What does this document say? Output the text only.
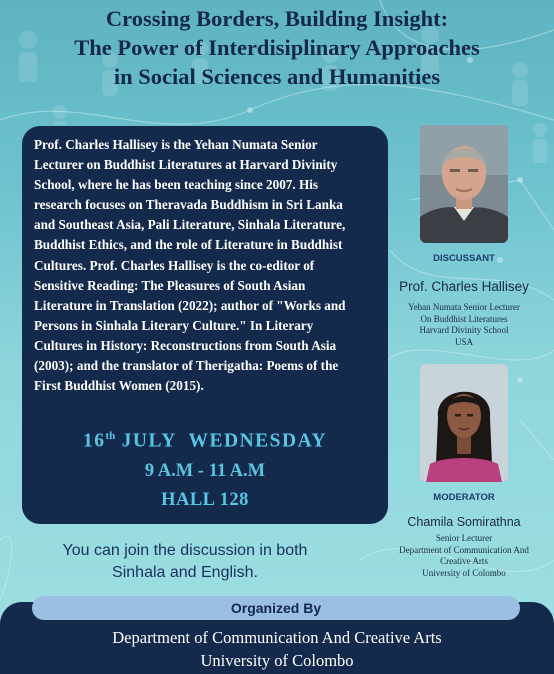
Crossing Borders, Building Insight:
The Power of Interdisiplinary Approaches
in Social Sciences and Humanities

Prof. Charles Hallisey is the Yehan Numata Senior
Lecturer on Buddhist Literatures at Harvard Divinity
School, where he has been teaching since 2007. His
research focuses on Theravada Buddhism in Sri Lanka
and Southeast Asia, Pali Literature, Sinhala Literature,
Buddhist Ethics, and the role of Literature in Buddhist
Cultures. Prof. Charles Hallisey is the co-editor of
Sensitive Reading: The Pleasures of South Asian
Literature in Translation (2022); author of "Works and
Persons in Sinhala Literary Culture." In Literary
Cultures in History: Reconstructions from South Asia
(2003); and the translator of Therigatha: Poems of the
First Buddhist Women (2015).

16th JULY  WEDNESDAY
9 A.M - 11 A.M
HALL 128
DISCUSSANT
Prof. Charles Hallisey
Yehan Numata Senior Lecturer
On Buddhist Literatures
Harvard Divinity School
USA
MODERATOR
Chamila Somirathna
Senior Lecturer
Department of Communication And
Creative Arts
University of Colombo
You can join the discussion in both
Sinhala and English.
Organized By
Department of Communication And Creative Arts
University of Colombo
